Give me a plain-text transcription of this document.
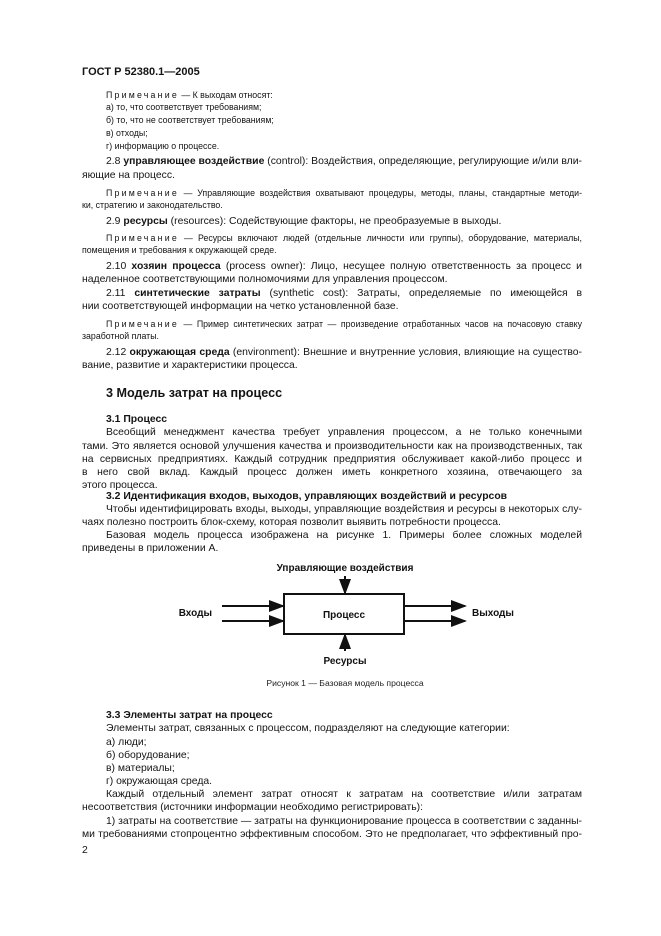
ГОСТ Р 52380.1—2005
Примечание — К выходам относят:
а) то, что соответствует требованиям;
б) то, что не соответствует требованиям;
в) отходы;
г) информацию о процессе.
2.8 управляющее воздействие (control): Воздействия, определяющие, регулирующие и/или вли-
яющие на процесс.
Примечание — Управляющие воздействия охватывают процедуры, методы, планы, стандартные методи-
ки, стратегию и законодательство.
2.9 ресурсы (resources): Содействующие факторы, не преобразуемые в выходы.
Примечание — Ресурсы включают людей (отдельные личности или группы), оборудование, материалы,
помещения и требования к окружающей среде.
2.10 хозяин процесса (process owner): Лицо, несущее полную ответственность за процесс и
наделенное соответствующими полномочиями для управления процессом.
2.11 синтетические затраты (synthetic cost): Затраты, определяемые по имеющейся в
нии соответствующей информации на четко установленной базе.
Примечание — Пример синтетических затрат — произведение отработанных часов на почасовую ставку
заработной платы.
2.12 окружающая среда (environment): Внешние и внутренние условия, влияющие на существо-
вание, развитие и характеристики процесса.
3 Модель затрат на процесс
3.1 Процесс
Всеобщий менеджмент качества требует управления процессом, а не только конечными
тами. Это является основой улучшения качества и производительности как на производственных, так
на сервисных предприятиях. Каждый сотрудник предприятия обслуживает какой-либо процесс и
в него свой вклад. Каждый процесс должен иметь конкретного хозяина, отвечающего за
этого процесса.
3.2 Идентификация входов, выходов, управляющих воздействий и ресурсов
Чтобы идентифицировать входы, выходы, управляющие воздействия и ресурсы в некоторых слу-
чаях полезно построить блок-схему, которая позволит выявить потребности процесса.
Базовая модель процесса изображена на рисунке 1. Примеры более сложных моделей
приведены в приложении А.
3.3 Элементы затрат на процесс
Элементы затрат, связанных с процессом, подразделяют на следующие категории:
а) люди;
б) оборудование;
в) материалы;
г) окружающая среда.
Каждый отдельный элемент затрат относят к затратам на соответствие и/или затратам
несоответствия (источники информации необходимо регистрировать):
1) затраты на соответствие — затраты на функционирование процесса в соответствии с заданны-
ми требованиями стопроцентно эффективным способом. Это не предполагает, что эффективный про-
Управляющие воздействия
Процесс
Входы	Выходы
Ресурсы
Рисунок 1 — Базовая модель процесса
2
